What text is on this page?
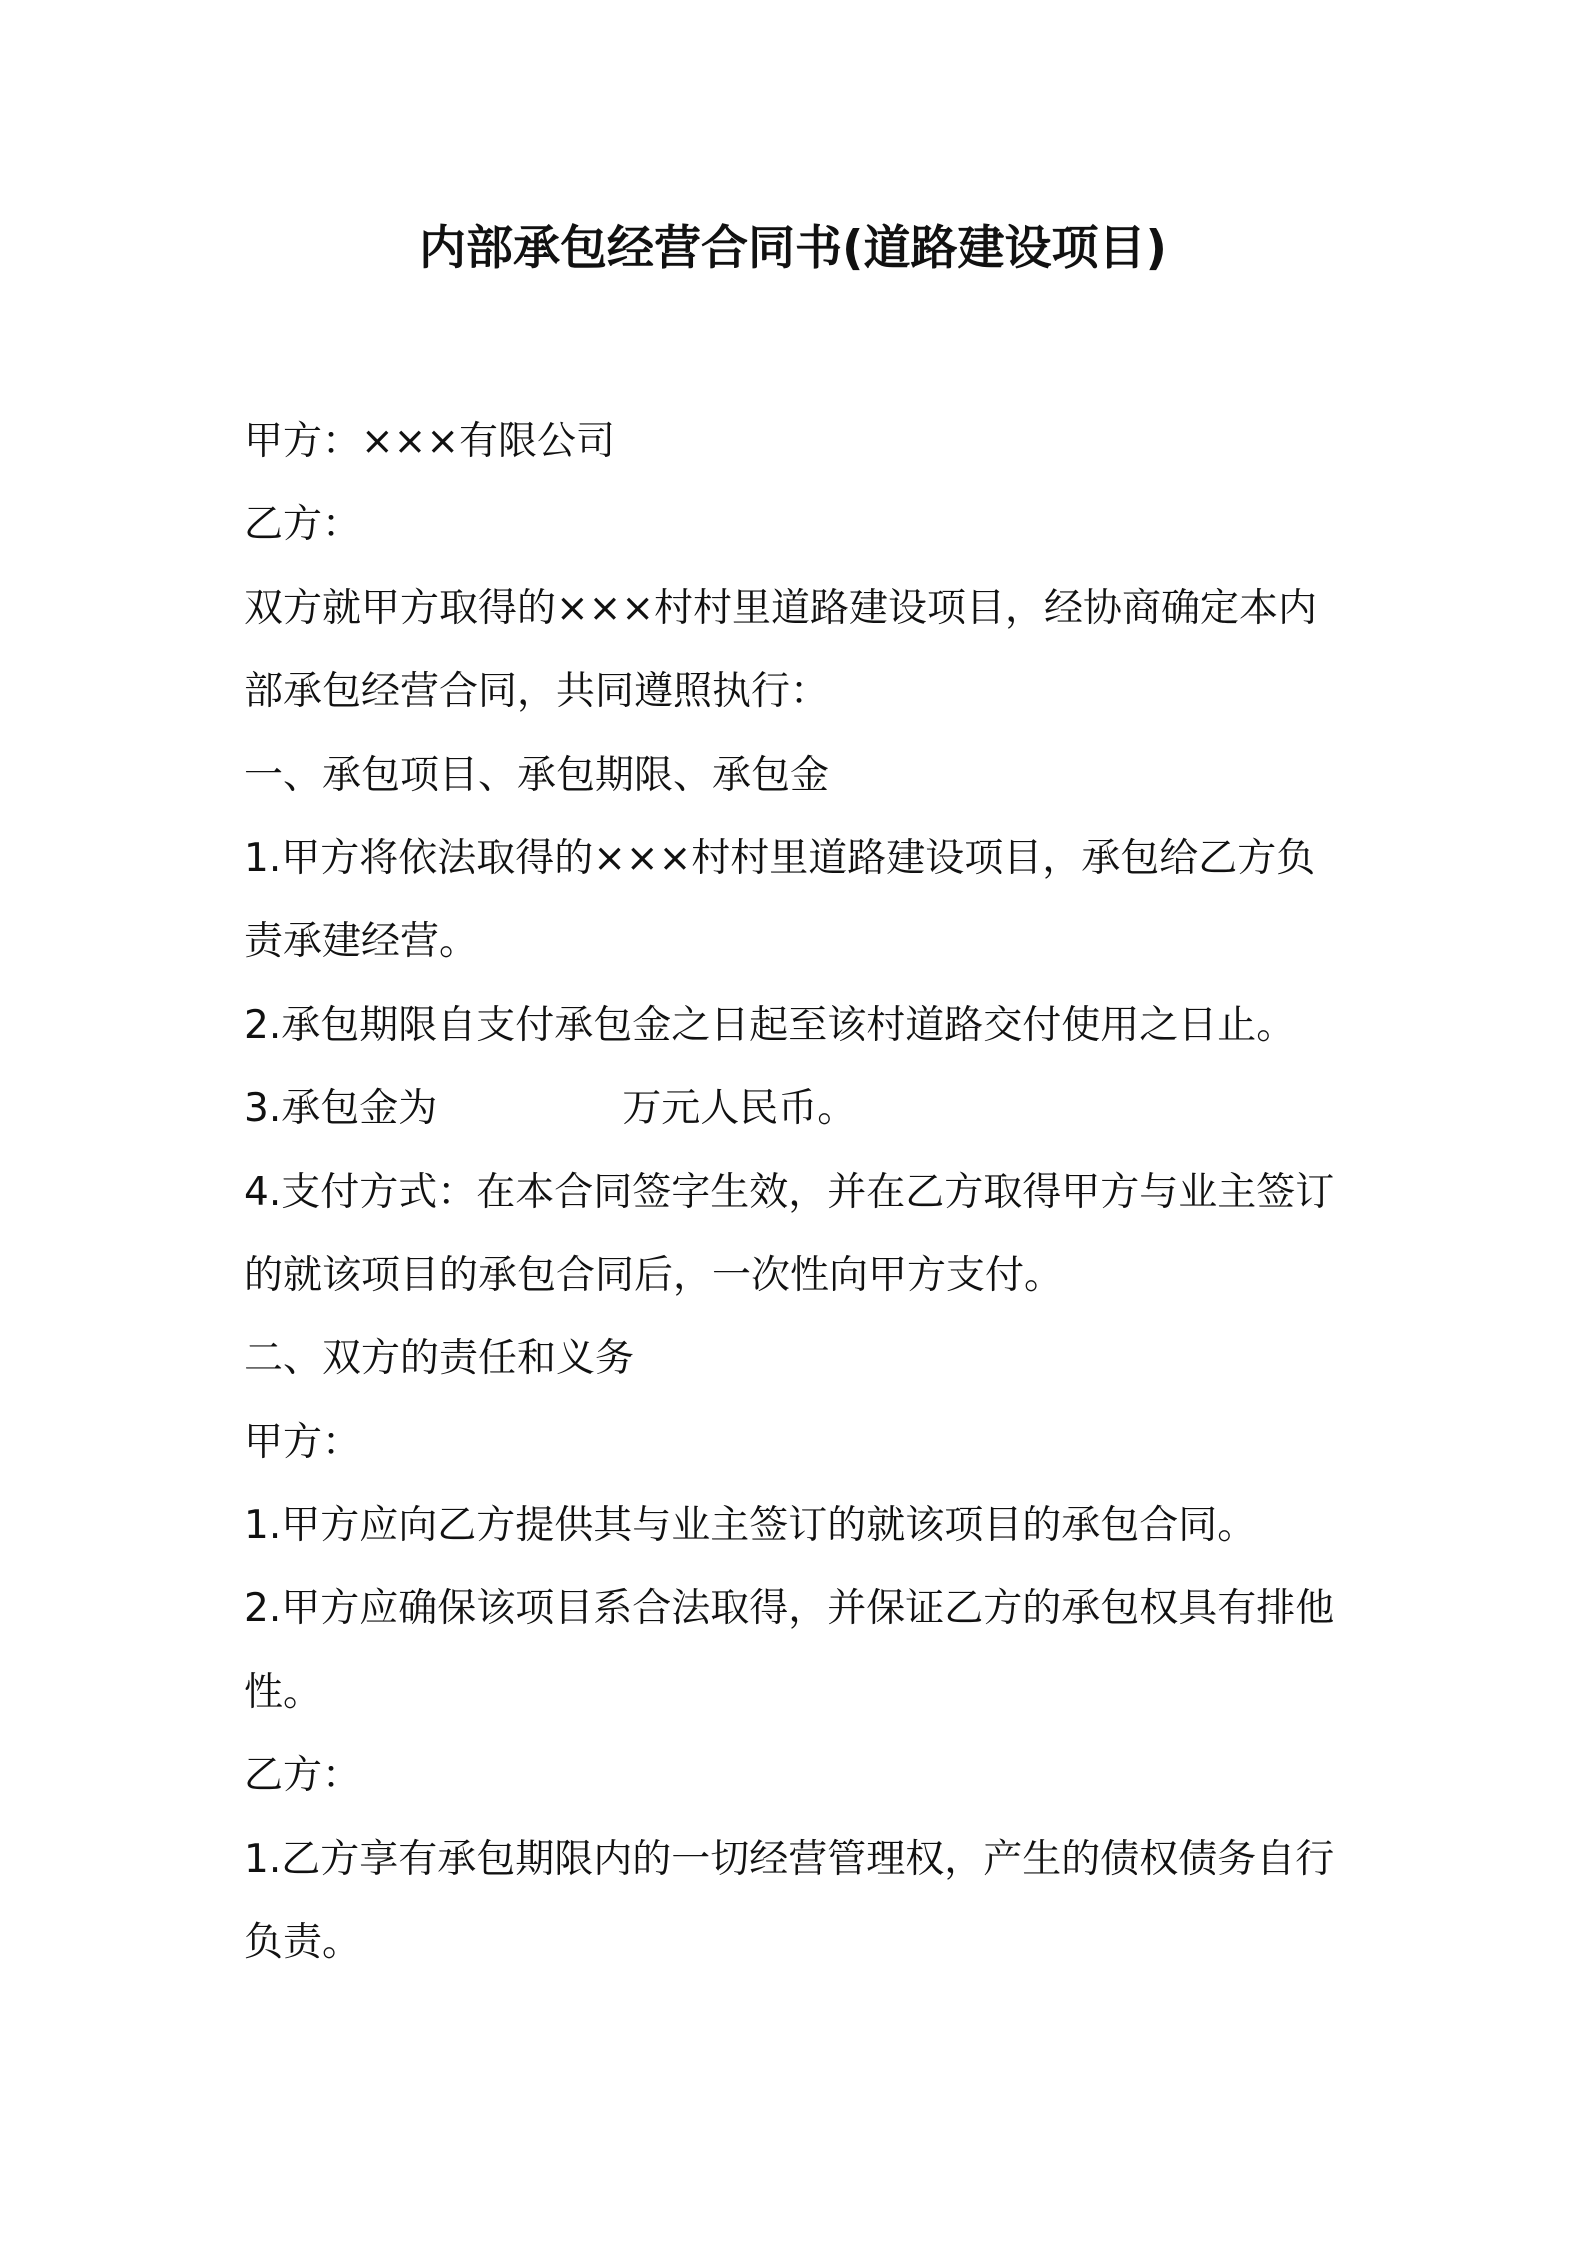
内部承包经营合同书(道路建设项目)
甲方：×××有限公司
乙方：
双方就甲方取得的×××村村里道路建设项目，经协商确定本内
部承包经营合同，共同遵照执行：
一、承包项目、承包期限、承包金
1.甲方将依法取得的×××村村里道路建设项目，承包给乙方负
责承建经营。
2.承包期限自支付承包金之日起至该村道路交付使用之日止。
3.承包金为	万元人民币。
4.支付方式：在本合同签字生效，并在乙方取得甲方与业主签订
的就该项目的承包合同后，一次性向甲方支付。
二、双方的责任和义务
甲方：
1.甲方应向乙方提供其与业主签订的就该项目的承包合同。
2.甲方应确保该项目系合法取得，并保证乙方的承包权具有排他
性。
乙方：
1.乙方享有承包期限内的一切经营管理权，产生的债权债务自行
负责。
